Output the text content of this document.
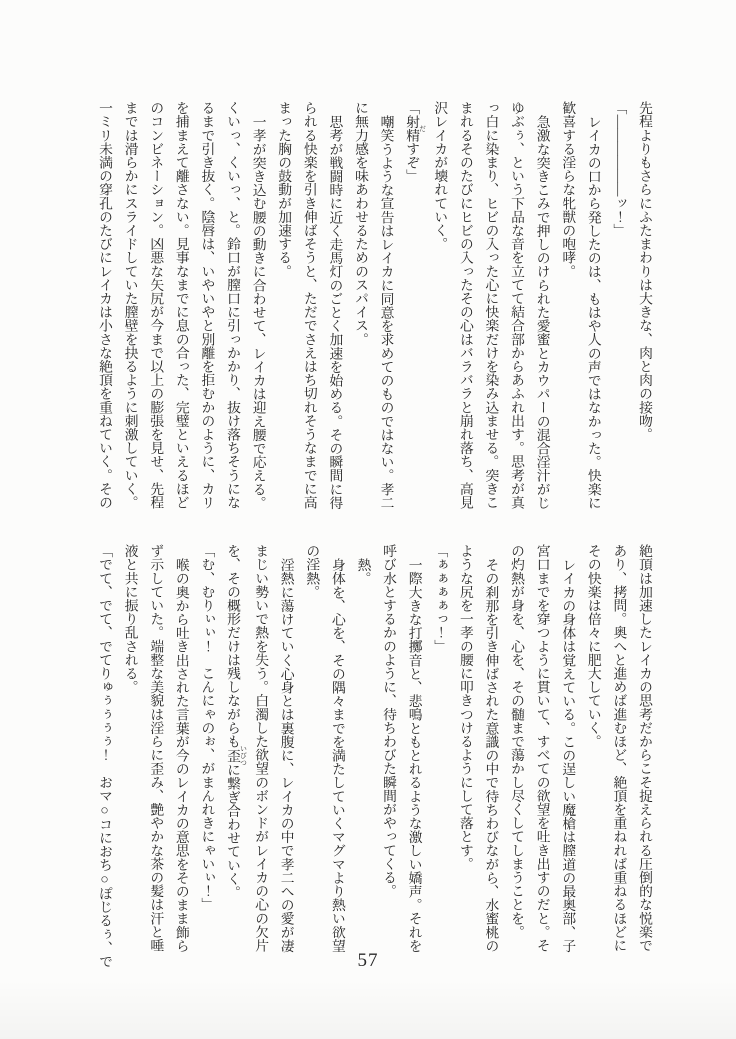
先程よりもさらにふたまわりは大きな、肉と肉の接吻。

「――――――ッ！」

レイカの口から発したのは、もはや人の声ではなかった。快楽に

歓喜する淫らな牝獣の咆哮。

急激な突きこみで押しのけられた愛蜜とカウパーの混合淫汁がじ

ゆぶぅ、という下品な音を立てて結合部からあふれ出す。思考が真

っ白に染まり、ヒビの入った心に快楽だけを染み込ませる。突きこ

まれるそのたびにヒビの入ったその心はバラバラと崩れ落ち、高見

沢レイカが壊れていく。

「射精 だすぞ」

嘲笑うような宣告はレイカに同意を求めてのものではない。孝二

に無力感を味あわせるためのスパイス。

思考が戦闘時に近く走馬灯のごとく加速を始める。その瞬間に得

られる快楽を引き伸ばそうと、ただでさえはち切れそうなまでに高

まった胸の鼓動が加速する。

一孝が突き込む腰の動きに合わせて、レイカは迎え腰で応える。

くいっ、くいっ、と。鈴口が膣口に引っかかり、抜け落ちそうにな

るまで引き抜く。陰唇は、いやいやと別離を拒むかのように、カリ

を捕まえて離さない。見事なまでに息の合った、完璧といえるほど

のコンビネーション。凶悪な矢尻が今まで以上の膨張を見せ、先程

までは滑らかにスライドしていた膣壁を抉るように刺激していく。

一ミリ未満の穿孔のたびにレイカは小さな絶頂を重ねていく。その

絶頂は加速したレイカの思考だからこそ捉えられる圧倒的な悦楽で

あり、拷問。奥へと進めば進むほど、絶頂を重ねれば重ねるほどに

その快楽は倍々に肥大していく。

レイカの身体は覚えている。この逞しい魔槍は膣道の最奥部、子

宮口までを穿つように貫いて、すべての欲望を吐き出すのだと。そ

の灼熱が身を、心を、その髄まで蕩かし尽くしてしまうことを。

その刹那を引き伸ばされた意識の中で待ちわびながら、水蜜桃の

ような尻を一孝の腰に叩きつけるようにして落とす。

「ぁぁぁぁっ！」

一際大きな打擲音と、悲鳴ともとれるような激しい嬌声。それを

呼び水とするかのように、待ちわびた瞬間がやってくる。

熱。

身体を、心を、その隅々までを満たしていくマグマより熱い欲望

の淫熱。

淫熱に蕩けていく心身とは裏腹に、レイカの中で孝二への愛が凄

まじい勢いで熱を失う。白濁した欲望のボンドがレイカの心の欠片

を、その概形だけは残しながらも歪 いびつに繋ぎ合わせていく。

「む、むりぃぃ！　こんにゃのぉ、がまんれきにゃいぃ！」

喉の奥から吐き出された言葉が今のレイカの意思をそのまま飾ら

ず示していた。端整な美貌は淫らに歪み、艶やかな茶の髪は汗と唾

液と共に振り乱される。

「でて、でて、でてりゅぅぅぅぅ！　おマ○コにおち○ぽじるぅ、で	57
